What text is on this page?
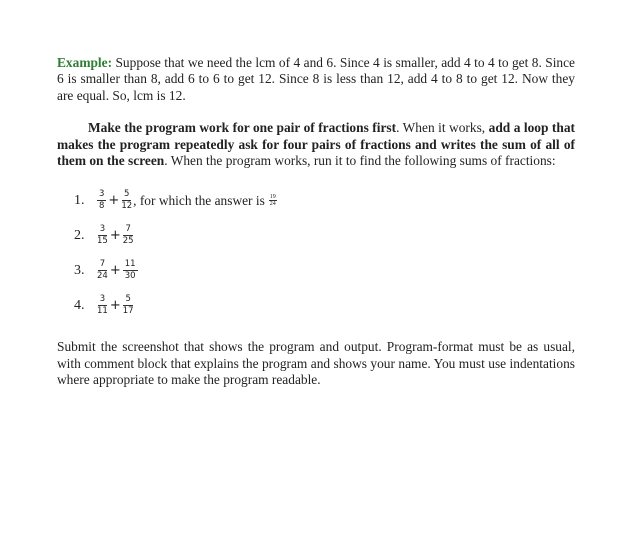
Example: Suppose that we need the lcm of 4 and 6. Since 4 is smaller, add 4 to 4 to get 8. Since 6 is smaller than 8, add 6 to 6 to get 12. Since 8 is less than 12, add 4 to 8 to get 12. Now they are equal. So, lcm is 12.

Make the program work for one pair of fractions first. When it works, add a loop that makes the program repeatedly ask for four pairs of fractions and writes the sum of all of them on the screen. When the program works, run it to find the following sums of fractions:

1.	$\frac{3}{8} + \frac{5}{12}$ , for which the answer is $\frac{19}{24}$
2.	$\frac{3}{15} + \frac{7}{25}$
3.	$\frac{7}{24} + \frac{11}{30}$
4.	$\frac{3}{11} + \frac{5}{17}$

Submit the screenshot that shows the program and output. Program-format must be as usual, with comment block that explains the program and shows your name. You must use indentations where appropriate to make the program readable.
